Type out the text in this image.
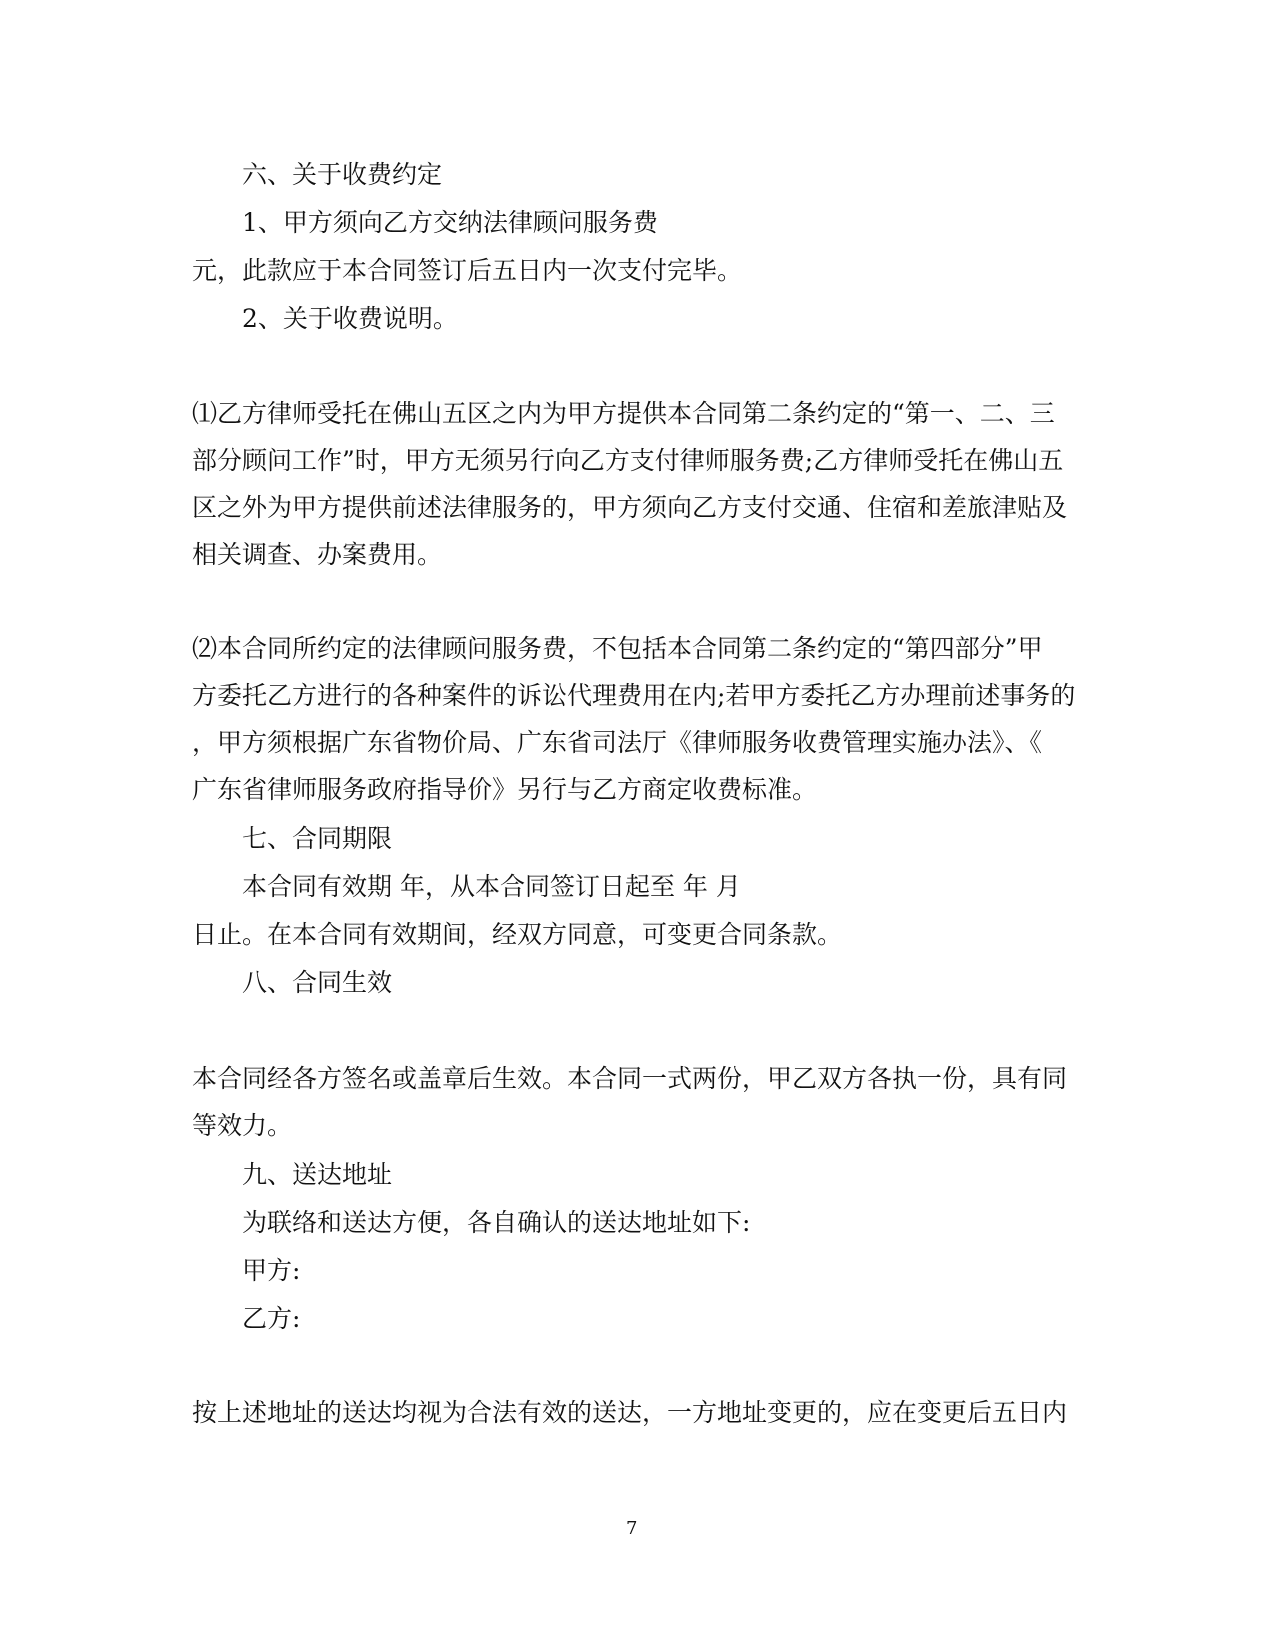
六、关于收费约定
1、甲方须向乙方交纳法律顾问服务费
元，此款应于本合同签订后五日内一次支付完毕。
2、关于收费说明。
⑴乙方律师受托在佛山五区之内为甲方提供本合同第二条约定的“第一、二、三
部分顾问工作”时，甲方无须另行向乙方支付律师服务费;乙方律师受托在佛山五
区之外为甲方提供前述法律服务的，甲方须向乙方支付交通、住宿和差旅津贴及
相关调查、办案费用。
⑵本合同所约定的法律顾问服务费，不包括本合同第二条约定的“第四部分”甲
方委托乙方进行的各种案件的诉讼代理费用在内;若甲方委托乙方办理前述事务的
，甲方须根据广东省物价局、广东省司法厅《律师服务收费管理实施办法》、《
广东省律师服务政府指导价》另行与乙方商定收费标准。
七、合同期限
本合同有效期 年，从本合同签订日起至 年 月
日止。在本合同有效期间，经双方同意，可变更合同条款。
八、合同生效
本合同经各方签名或盖章后生效。本合同一式两份，甲乙双方各执一份，具有同
等效力。
九、送达地址
为联络和送达方便，各自确认的送达地址如下:
甲方:
乙方:
按上述地址的送达均视为合法有效的送达，一方地址变更的，应在变更后五日内
7
